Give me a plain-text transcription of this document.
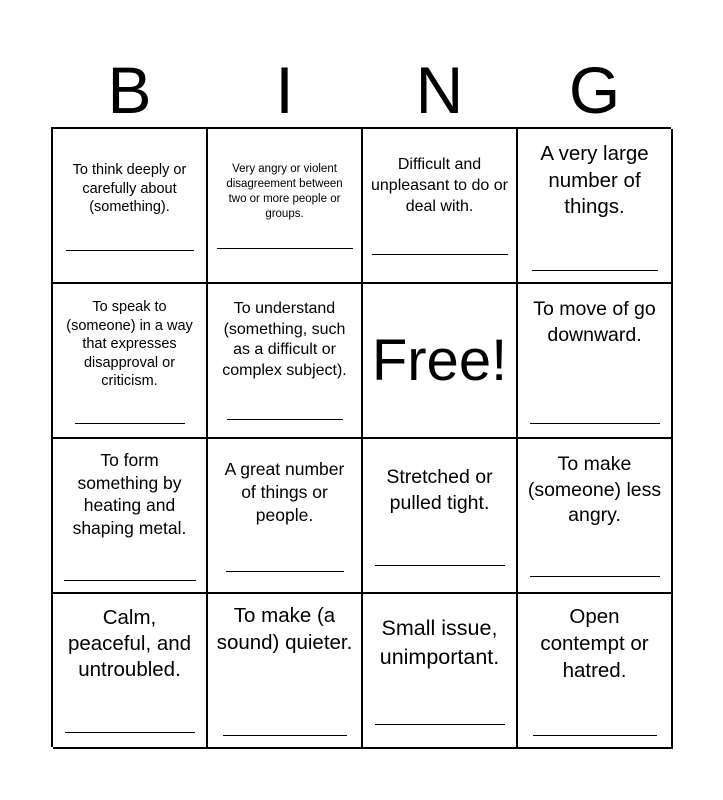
B	I	N	G
To think deeply or carefully about (something).
Very angry or violent disagreement between two or more people or groups.
Difficult and unpleasant to do or deal with.
A very large number of things.
To speak to (someone) in a way that expresses disapproval or criticism.
To understand (something, such as a difficult or complex subject). Free!
To move of go downward.
To form something by heating and shaping metal.
A great number of things or people.
Stretched or pulled tight.
To make (someone) less angry.
Calm, peaceful, and untroubled.
To make (a sound) quieter.
Small issue, unimportant.
Open contempt or hatred.
